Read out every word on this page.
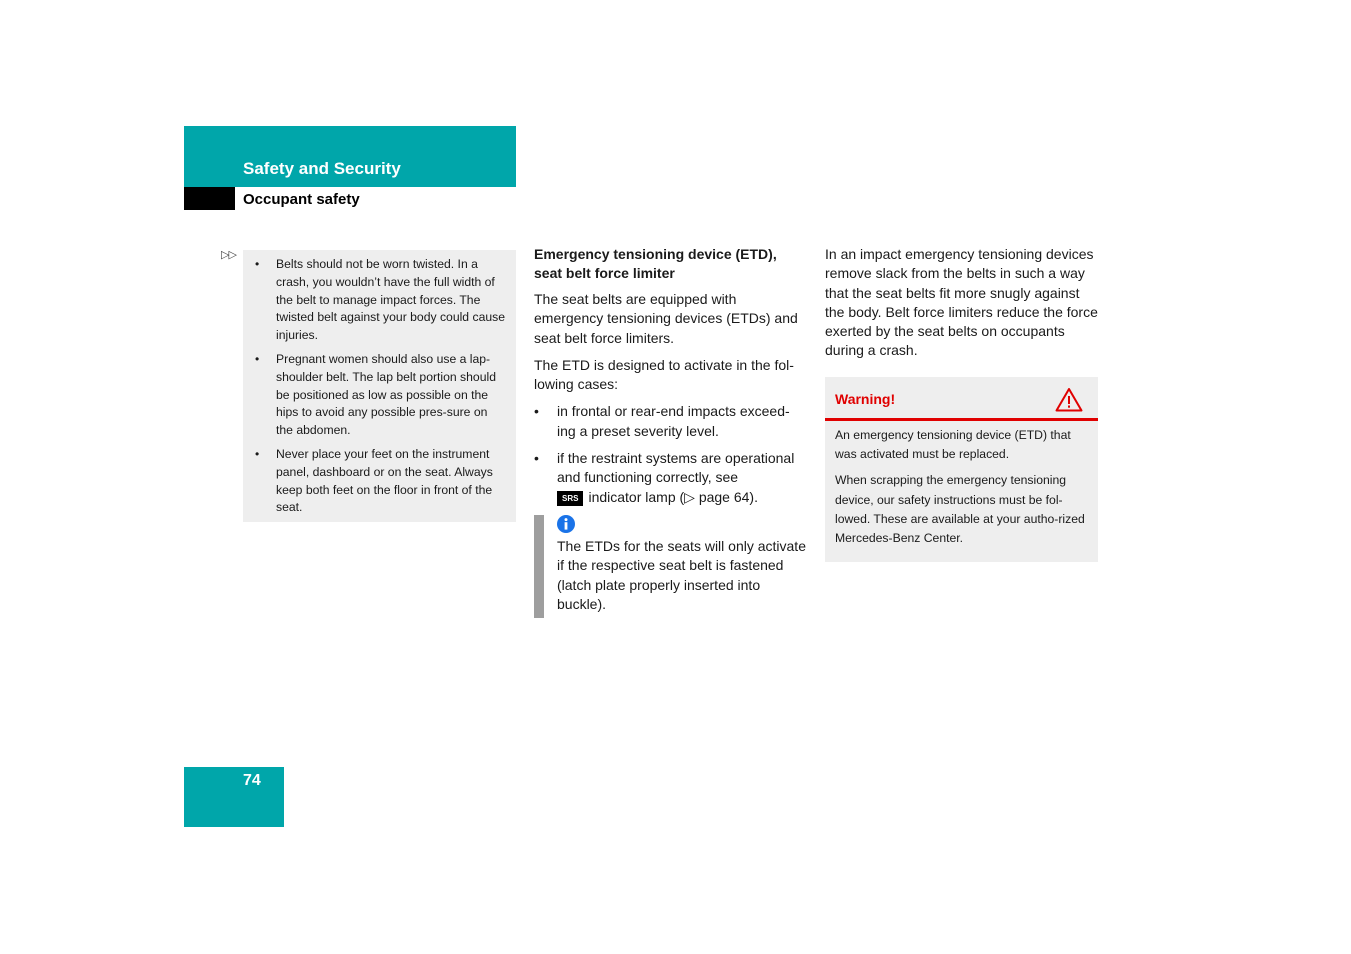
Safety and Security
Occupant safety
▷▷
• Belts should not be worn twisted. In a crash, you wouldn’t have the full width of the belt to manage impact forces. The twisted belt against your body could cause injuries.
• Pregnant women should also use a lap-shoulder belt. The lap belt portion should be positioned as low as possible on the hips to avoid any possible pres-sure on the abdomen.
• Never place your feet on the instrument panel, dashboard or on the seat. Always keep both feet on the floor in front of the seat.
Emergency tensioning device (ETD), seat belt force limiter

The seat belts are equipped with emergency tensioning devices (ETDs) and seat belt force limiters.

The ETD is designed to activate in the fol-lowing cases:

• in frontal or rear-end impacts exceed-ing a preset severity level.
• if the restraint systems are operational and functioning correctly, see
SRS indicator lamp (▷ page 64).

The ETDs for the seats will only activate if the respective seat belt is fastened (latch plate properly inserted into buckle).

In an impact emergency tensioning devices remove slack from the belts in such a way that the seat belts fit more snugly against the body. Belt force limiters reduce the force exerted by the seat belts on occupants during a crash.

Warning!

An emergency tensioning device (ETD) that was activated must be replaced.

When scrapping the emergency tensioning device, our safety instructions must be fol-lowed. These are available at your autho-rized Mercedes-Benz Center.

74
